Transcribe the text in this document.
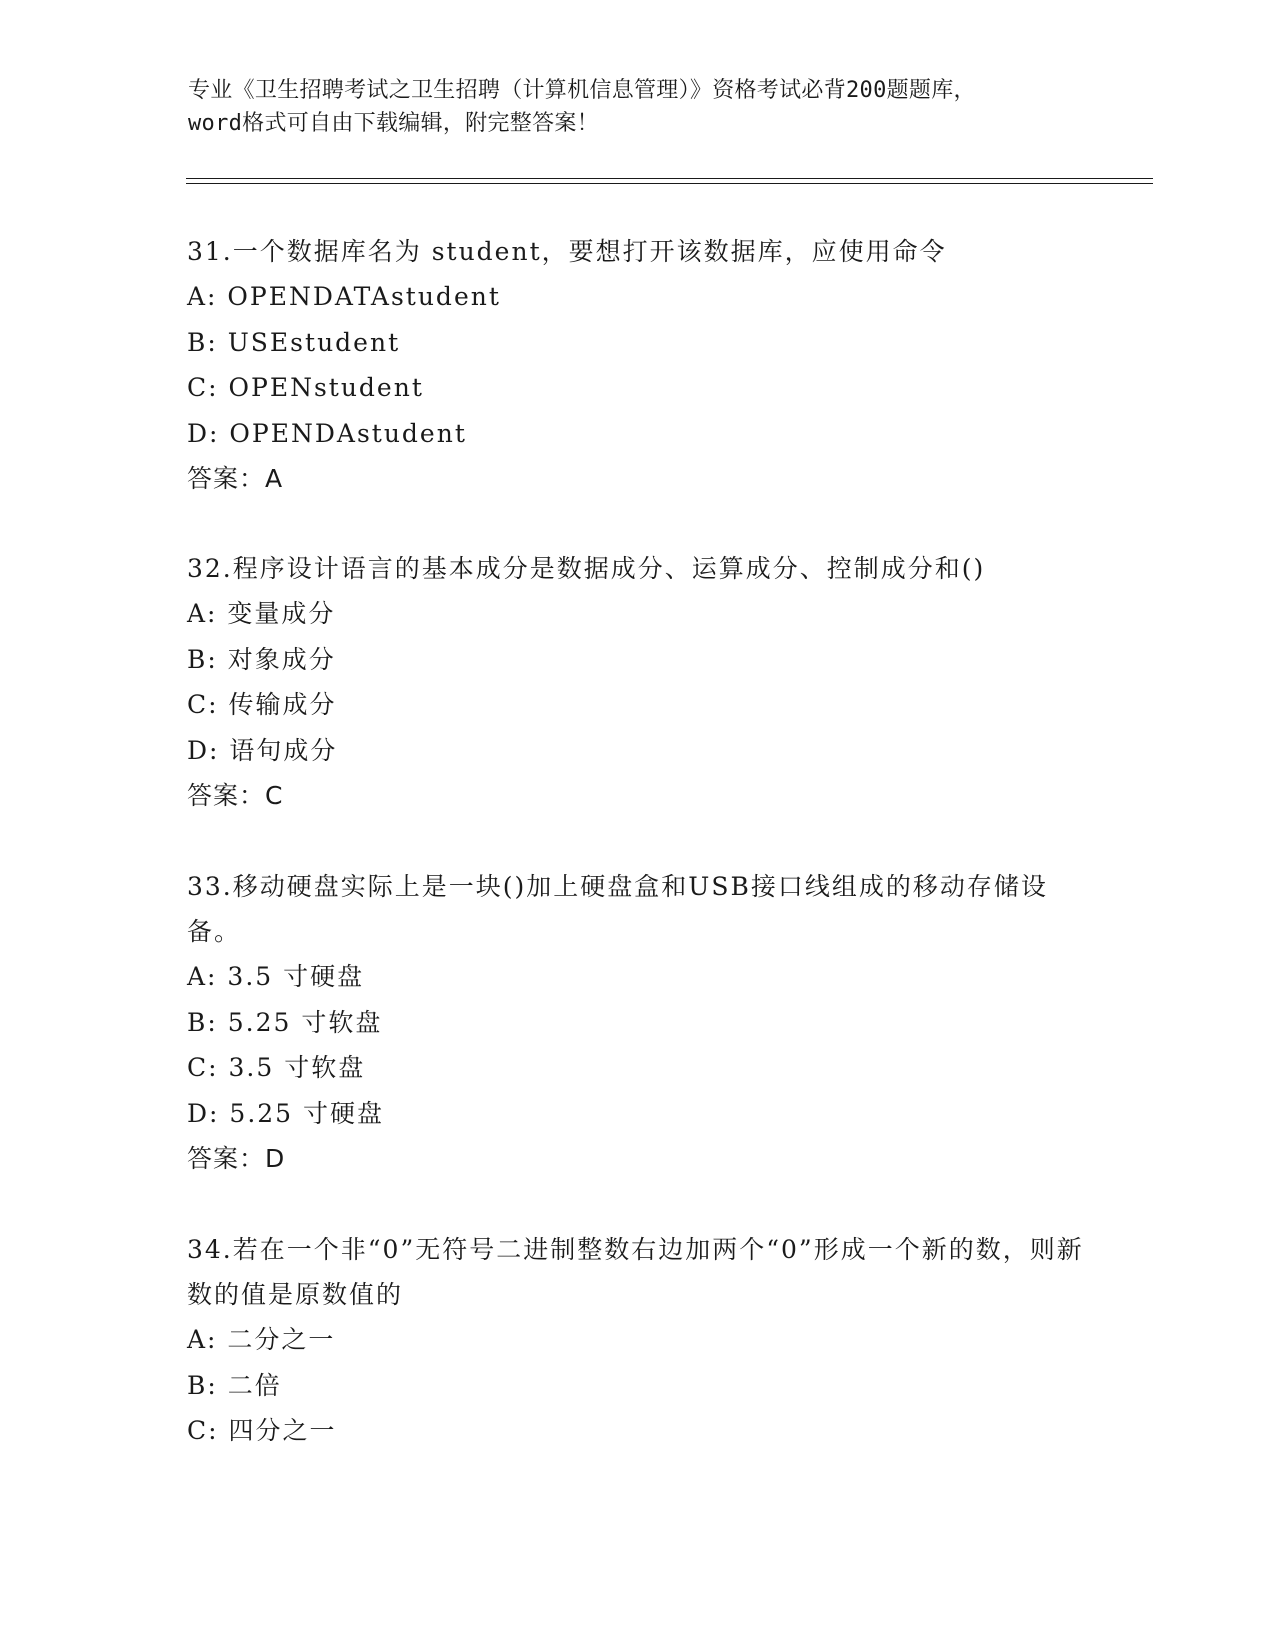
专业《卫生招聘考试之卫生招聘（计算机信息管理）》资格考试必背200题题库，
word格式可自由下载编辑，附完整答案！

31.一个数据库名为 student，要想打开该数据库，应使用命令

A: OPENDATAstudent

B: USEstudent

C: OPENstudent

D: OPENDAstudent

答案：A

32.程序设计语言的基本成分是数据成分、运算成分、控制成分和()

A: 变量成分

B: 对象成分

C: 传输成分

D: 语句成分

答案：C

33.移动硬盘实际上是一块()加上硬盘盒和USB接口线组成的移动存储设备。

A: 3.5 寸硬盘

B: 5.25 寸软盘

C: 3.5 寸软盘

D: 5.25 寸硬盘

答案：D

34.若在一个非“0”无符号二进制整数右边加两个“0”形成一个新的数，则新数的值是原数值的

A: 二分之一

B: 二倍

C: 四分之一
